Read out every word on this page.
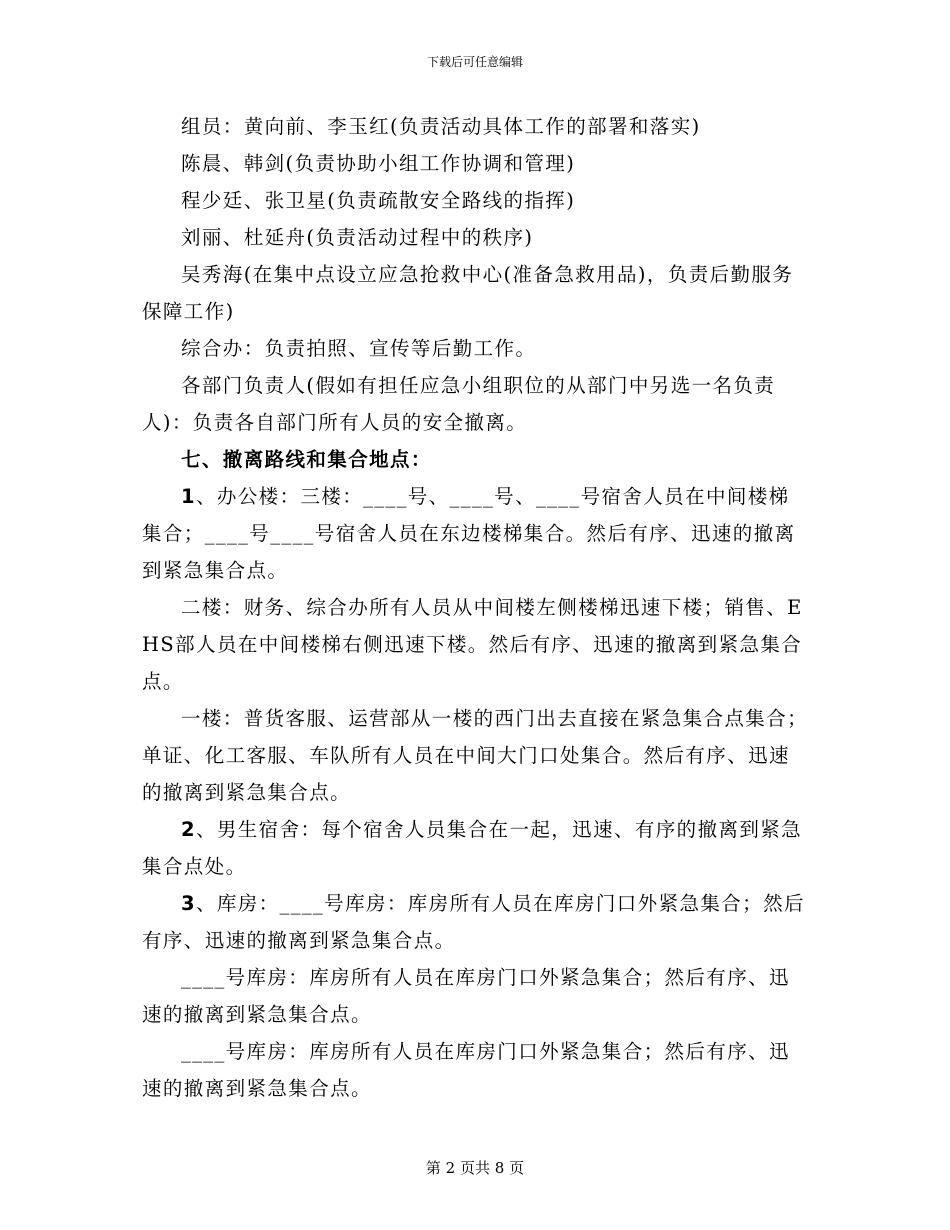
下载后可任意编辑

组员：黄向前、李玉红(负责活动具体工作的部署和落实)

陈晨、韩剑(负责协助小组工作协调和管理)

程少廷、张卫星(负责疏散安全路线的指挥)

刘丽、杜延舟(负责活动过程中的秩序)

吴秀海(在集中点设立应急抢救中心(准备急救用品)，负责后勤服务保障工作)

综合办：负责拍照、宣传等后勤工作。

各部门负责人(假如有担任应急小组职位的从部门中另选一名负责人)：负责各自部门所有人员的安全撤离。

七、撤离路线和集合地点：

1、办公楼：三楼：____号、____号、____号宿舍人员在中间楼梯集合；____号____号宿舍人员在东边楼梯集合。然后有序、迅速的撤离到紧急集合点。

二楼：财务、综合办所有人员从中间楼左侧楼梯迅速下楼；销售、EHS部人员在中间楼梯右侧迅速下楼。然后有序、迅速的撤离到紧急集合点。

一楼：普货客服、运营部从一楼的西门出去直接在紧急集合点集合；单证、化工客服、车队所有人员在中间大门口处集合。然后有序、迅速的撤离到紧急集合点。

2、男生宿舍：每个宿舍人员集合在一起，迅速、有序的撤离到紧急集合点处。

3、库房：____号库房：库房所有人员在库房门口外紧急集合；然后有序、迅速的撤离到紧急集合点。

____号库房：库房所有人员在库房门口外紧急集合；然后有序、迅速的撤离到紧急集合点。

____号库房：库房所有人员在库房门口外紧急集合；然后有序、迅速的撤离到紧急集合点。

第 2 页共 8 页
